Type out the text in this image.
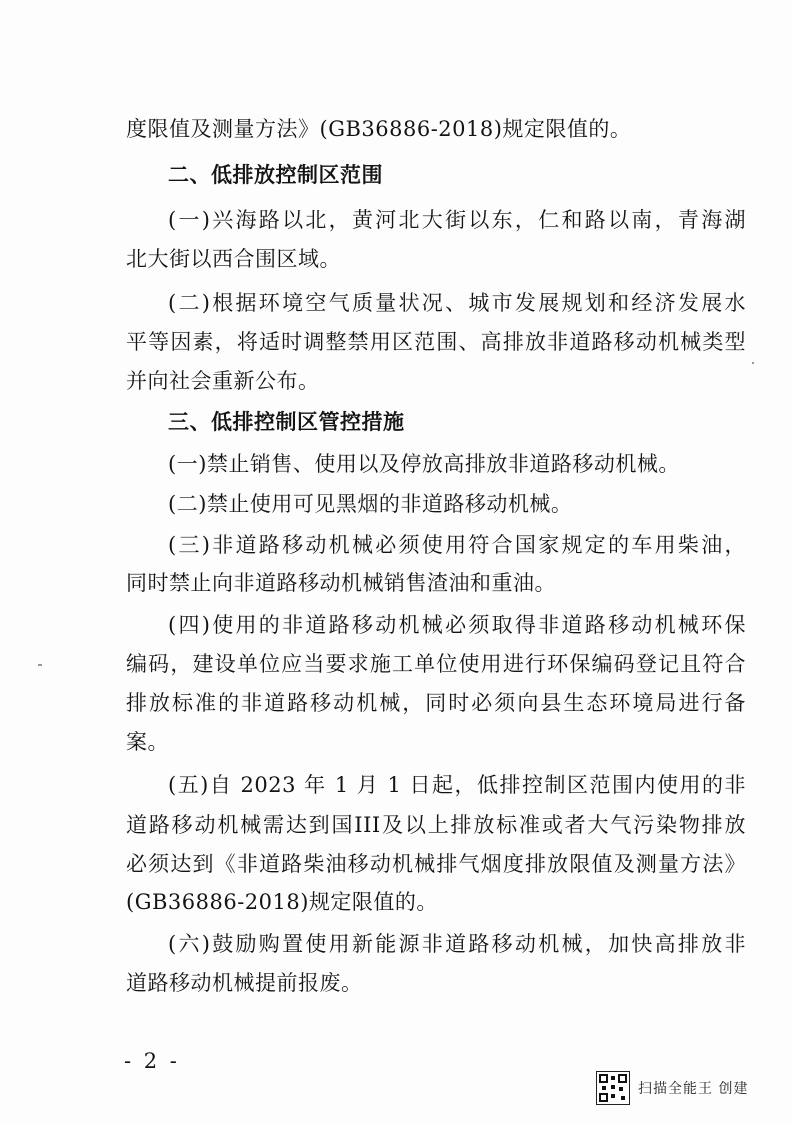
度限值及测量方法》(GB36886-2018)规定限值的。
二、低排放控制区范围
(一)兴海路以北，黄河北大街以东，仁和路以南，青海湖
北大街以西合围区域。
(二)根据环境空气质量状况、城市发展规划和经济发展水
平等因素，将适时调整禁用区范围、高排放非道路移动机械类型
并向社会重新公布。
三、低排控制区管控措施
(一)禁止销售、使用以及停放高排放非道路移动机械。
(二)禁止使用可见黑烟的非道路移动机械。
(三)非道路移动机械必须使用符合国家规定的车用柴油，
同时禁止向非道路移动机械销售渣油和重油。
(四)使用的非道路移动机械必须取得非道路移动机械环保
编码，建设单位应当要求施工单位使用进行环保编码登记且符合
排放标准的非道路移动机械，同时必须向县生态环境局进行备
案。
(五)自 2023 年 1 月 1 日起，低排控制区范围内使用的非
道路移动机械需达到国III及以上排放标准或者大气污染物排放
必须达到《非道路柴油移动机械排气烟度排放限值及测量方法》
(GB36886-2018)规定限值的。
(六)鼓励购置使用新能源非道路移动机械，加快高排放非
道路移动机械提前报废。
- 2 -
扫描全能王 创建
